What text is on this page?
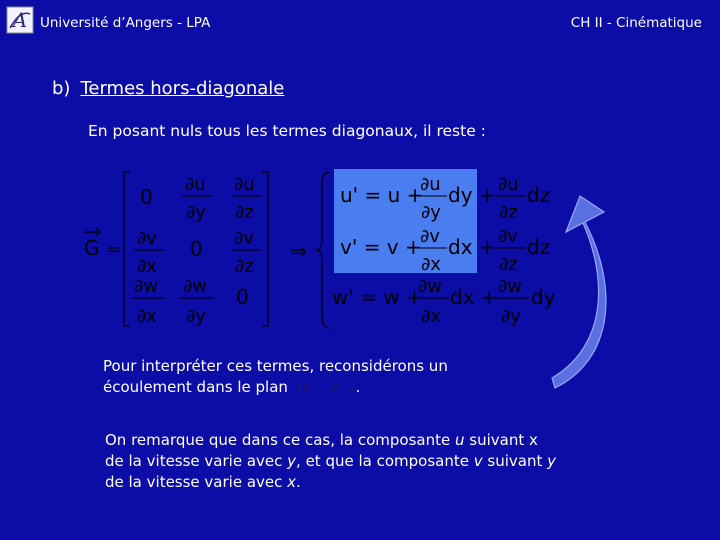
A Université d’Angers - LPA	CH II - Cinématique
b) Termes hors-diagonale
En posant nuls tous les termes diagonaux, il reste :
G =
0
∂u
∂y
∂u
∂z
∂v
∂x
0 ∂v
∂z
∂w
∂x
∂w
∂y
0
⇒
u' = u +
∂u
∂y
dy + ∂u
∂z
dz
v' = v +
∂v
∂x
dx + ∂v
∂z
dz
w' = w +
∂w
∂x
dx + ∂w
∂y
dy
Pour interpréter ces termes, reconsidérons un
écoulement dans le plan ($\overline{e}_x$ , $\overline{e}_y$ ).
On remarque que dans ce cas, la composante u suivant x
de la vitesse varie avec y, et que la composante v suivant y
de la vitesse varie avec x.
